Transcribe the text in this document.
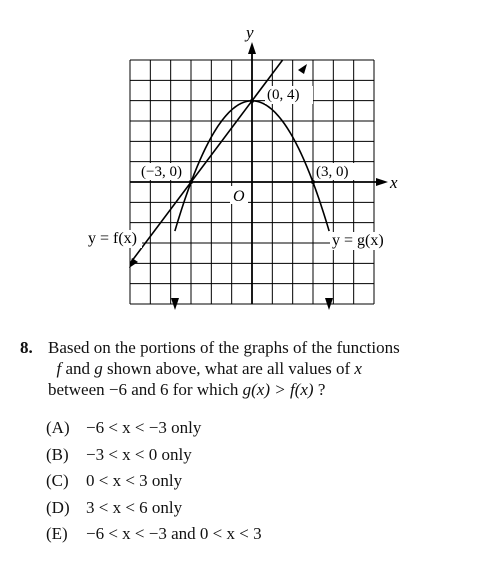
(−3, 0)
(0, 4)
(3, 0)
O
x
y
y = f(x)	y = g(x)
8. Based on the portions of the graphs of the functions
 f and g shown above, what are all values of x
between −6 and 6 for which g(x) > f(x) ?
(A) −6 < x < −3 only
(B) −3 < x < 0 only
(C) 0 < x < 3 only
(D) 3 < x < 6 only
(E) −6 < x < −3 and 0 < x < 3
